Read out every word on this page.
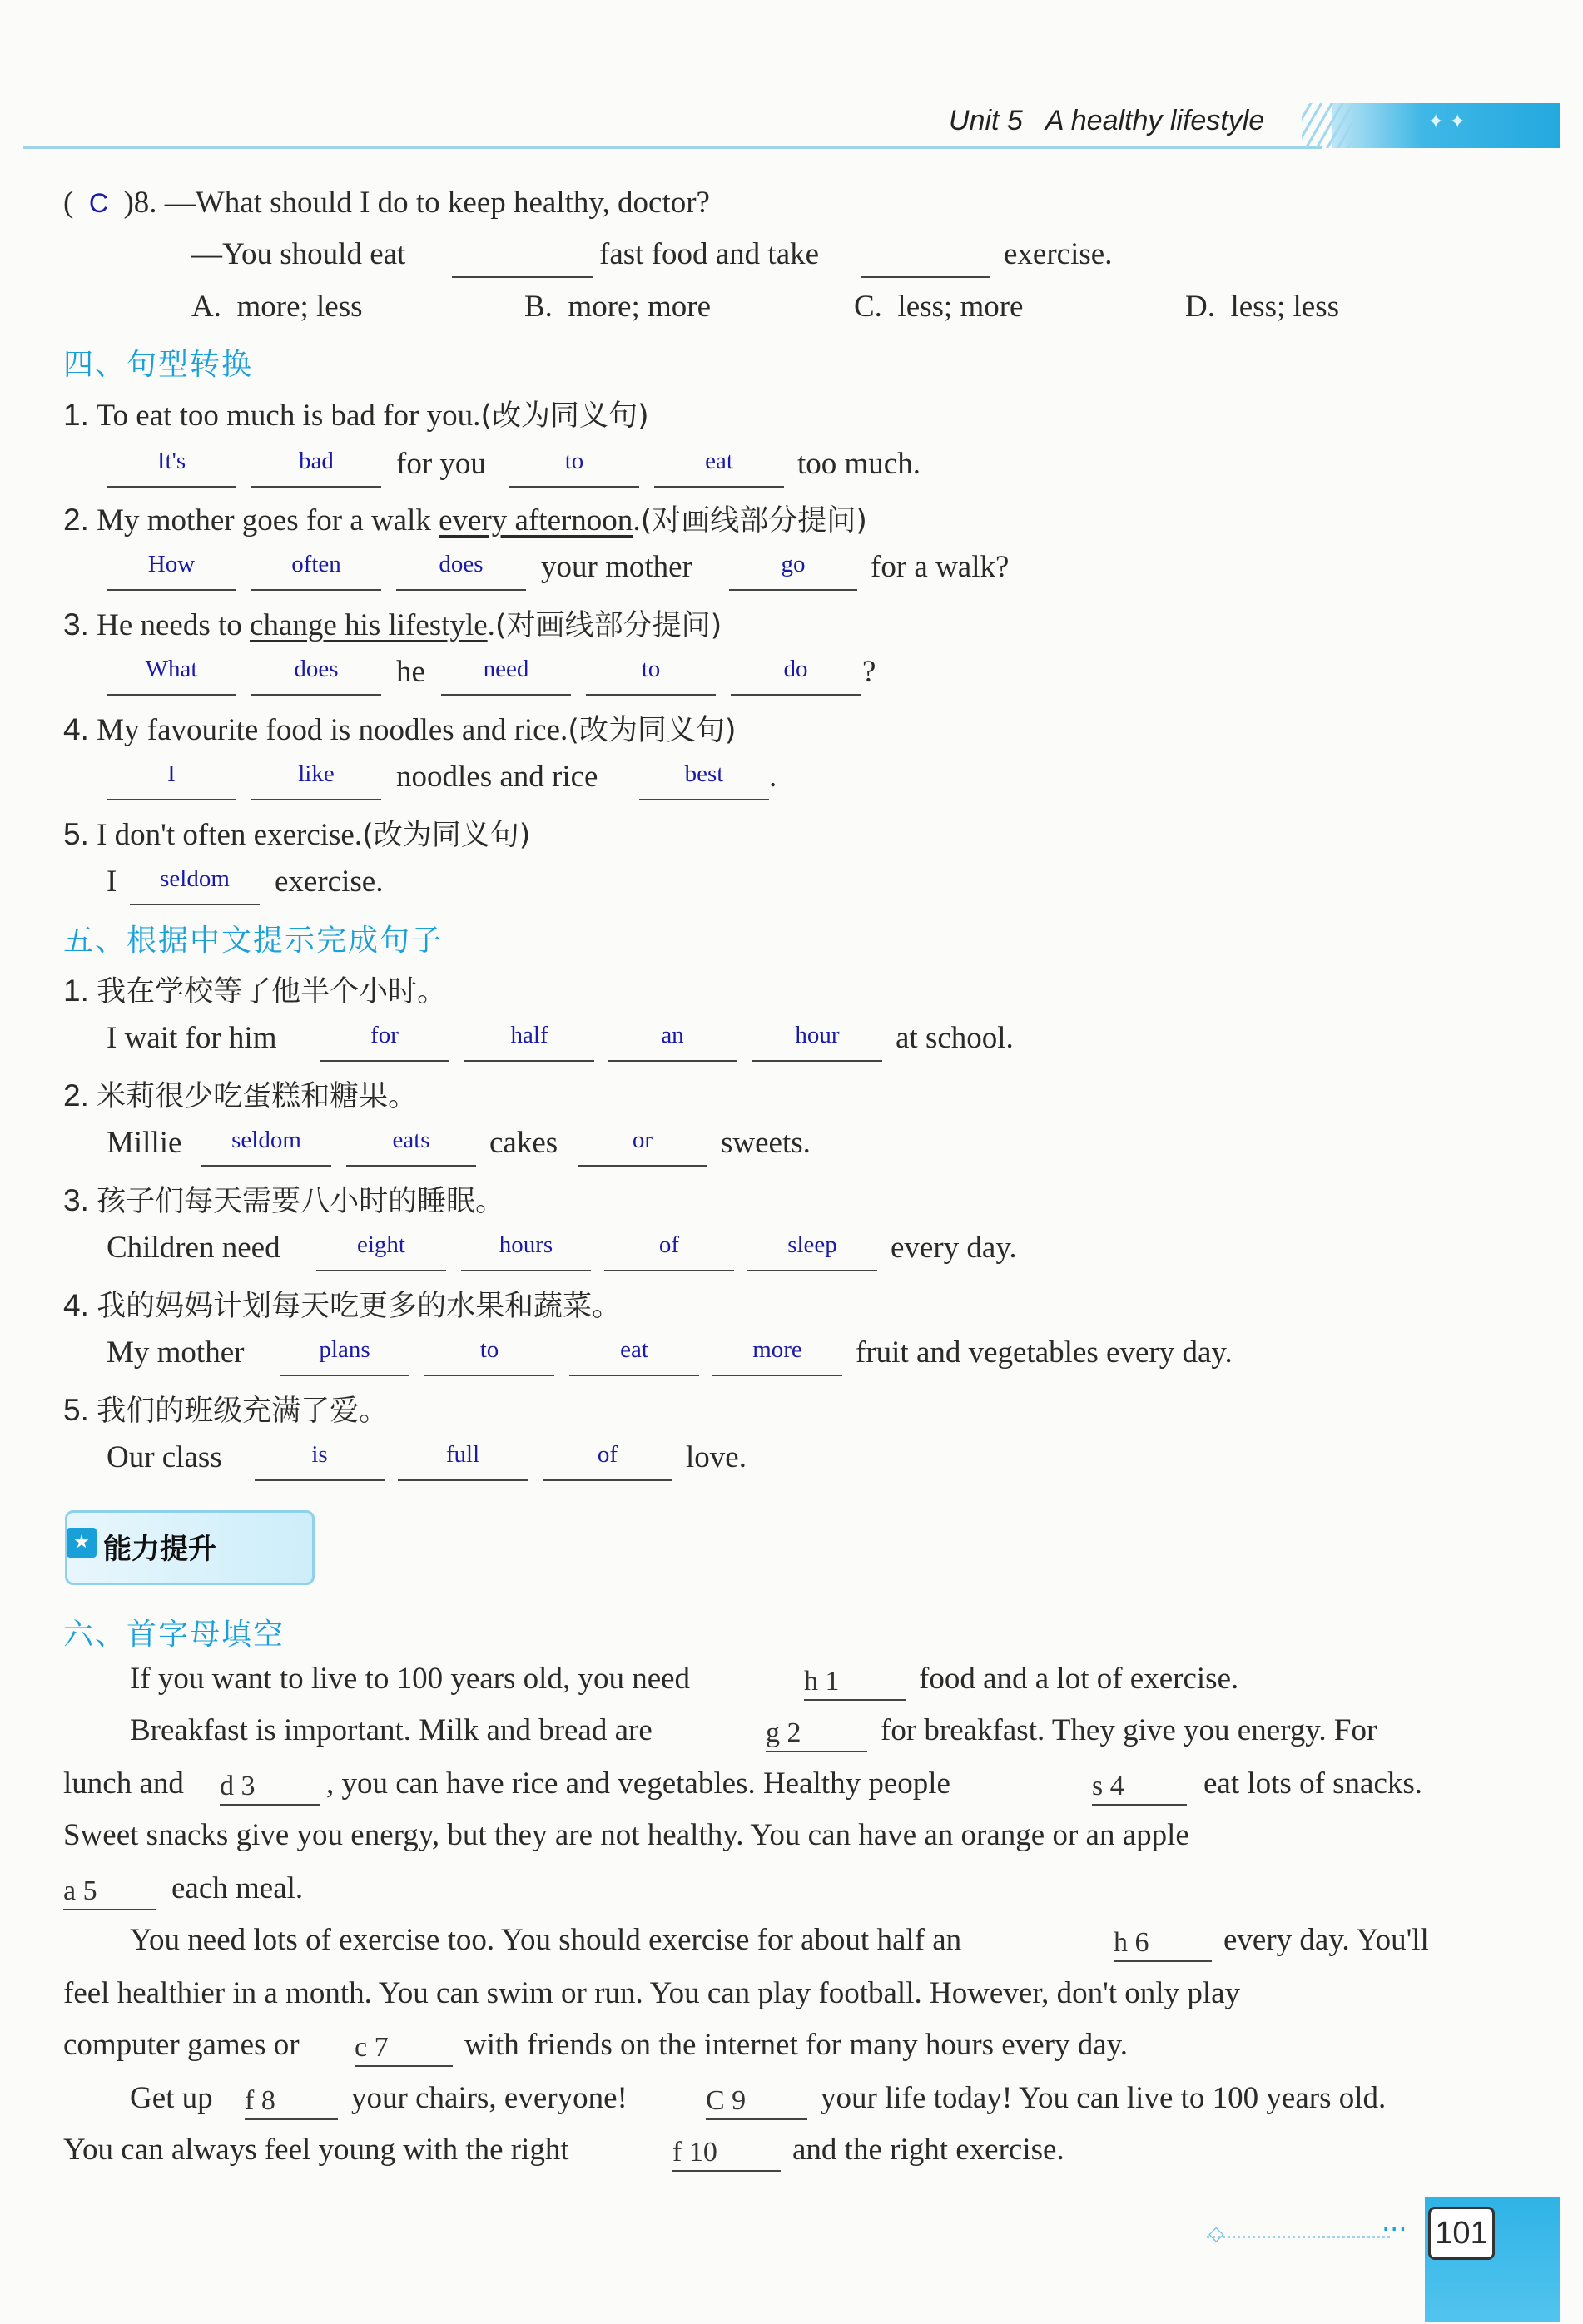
✦ ✦
Unit 5 A healthy lifestyle
(  C )8. —What should I do to keep healthy, doctor?
—You should eat	fast food and take	exercise.
A.  more; less	B.  more; more	C.  less; more	D.  less; less
四、句型转换
1. To eat too much is bad for you.(改为同义句)
It's	bad	for you	to	eat	too much.
2. My mother goes for a walk every afternoon.(对画线部分提问)
How	often	does	your mother	go	for a walk?
3. He needs to change his lifestyle.(对画线部分提问)
What	does	he	need	to	do	?
4. My favourite food is noodles and rice.(改为同义句)
I	like	noodles and rice	best	.
5. I don't often exercise.(改为同义句)
I	seldom	exercise.
五、根据中文提示完成句子
1. 我在学校等了他半个小时。
I wait for him	for	half	an	hour	at school.
2. 米莉很少吃蛋糕和糖果。
Millie	seldom	eats	cakes	or	sweets.
3. 孩子们每天需要八小时的睡眠。
Children need	eight	hours	of	sleep	every day.
4. 我的妈妈计划每天吃更多的水果和蔬菜。
My mother	plans	to	eat	more	fruit and vegetables every day.
5. 我们的班级充满了爱。
Our class	is	full	of	love.
★ 能力提升
六、首字母填空
If you want to live to 100 years old, you need	h 1	food and a lot of exercise.
Breakfast is important. Milk and bread are	g 2	for breakfast. They give you energy. For
lunch and	d 3	, you can have rice and vegetables. Healthy people	s 4	eat lots of snacks.
Sweet snacks give you energy, but they are not healthy. You can have an orange or an apple
a 5	each meal.
You need lots of exercise too. You should exercise for about half an	h 6	every day. You'll
feel healthier in a month. You can swim or run. You can play football. However, don't only play
computer games or	c 7	with friends on the internet for many hours every day.
Get up	f 8	your chairs, everyone!	C 9	your life today! You can live to 100 years old.
You can always feel young with the right	f 10	and the right exercise.
◇	··· 101
